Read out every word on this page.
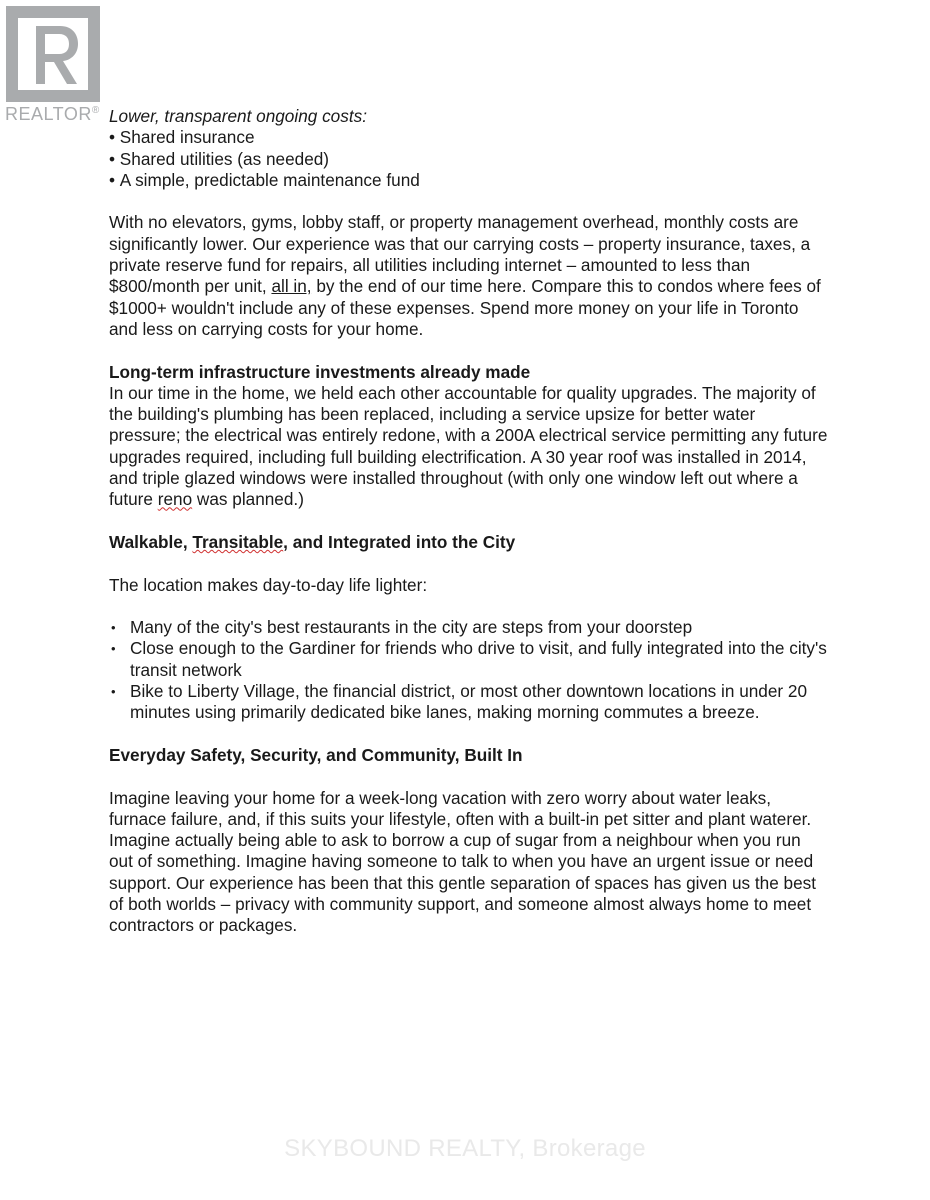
REALTOR® Lower, transparent ongoing costs:

• Shared insurance

• Shared utilities (as needed)

• A simple, predictable maintenance fund

With no elevators, gyms, lobby staff, or property management overhead, monthly costs are significantly lower. Our experience was that our carrying costs – property insurance, taxes, a private reserve fund for repairs, all utilities including internet – amounted to less than $800/month per unit, all in, by the end of our time here. Compare this to condos where fees of $1000+ wouldn't include any of these expenses. Spend more money on your life in Toronto and less on carrying costs for your home.

Long-term infrastructure investments already made

In our time in the home, we held each other accountable for quality upgrades. The majority of the building's plumbing has been replaced, including a service upsize for better water pressure; the electrical was entirely redone, with a 200A electrical service permitting any future upgrades required, including full building electrification. A 30 year roof was installed in 2014, and triple glazed windows were installed throughout (with only one window left out where a future reno was planned.)

Walkable, Transitable, and Integrated into the City

The location makes day-to-day life lighter:

• Many of the city's best restaurants in the city are steps from your doorstep
• Close enough to the Gardiner for friends who drive to visit, and fully integrated into the city's transit network
• Bike to Liberty Village, the financial district, or most other downtown locations in under 20 minutes using primarily dedicated bike lanes, making morning commutes a breeze.

Everyday Safety, Security, and Community, Built In

Imagine leaving your home for a week-long vacation with zero worry about water leaks, furnace failure, and, if this suits your lifestyle, often with a built-in pet sitter and plant waterer. Imagine actually being able to ask to borrow a cup of sugar from a neighbour when you run out of something. Imagine having someone to talk to when you have an urgent issue or need support. Our experience has been that this gentle separation of spaces has given us the best of both worlds – privacy with community support, and someone almost always home to meet contractors or packages.

SKYBOUND REALTY, Brokerage
